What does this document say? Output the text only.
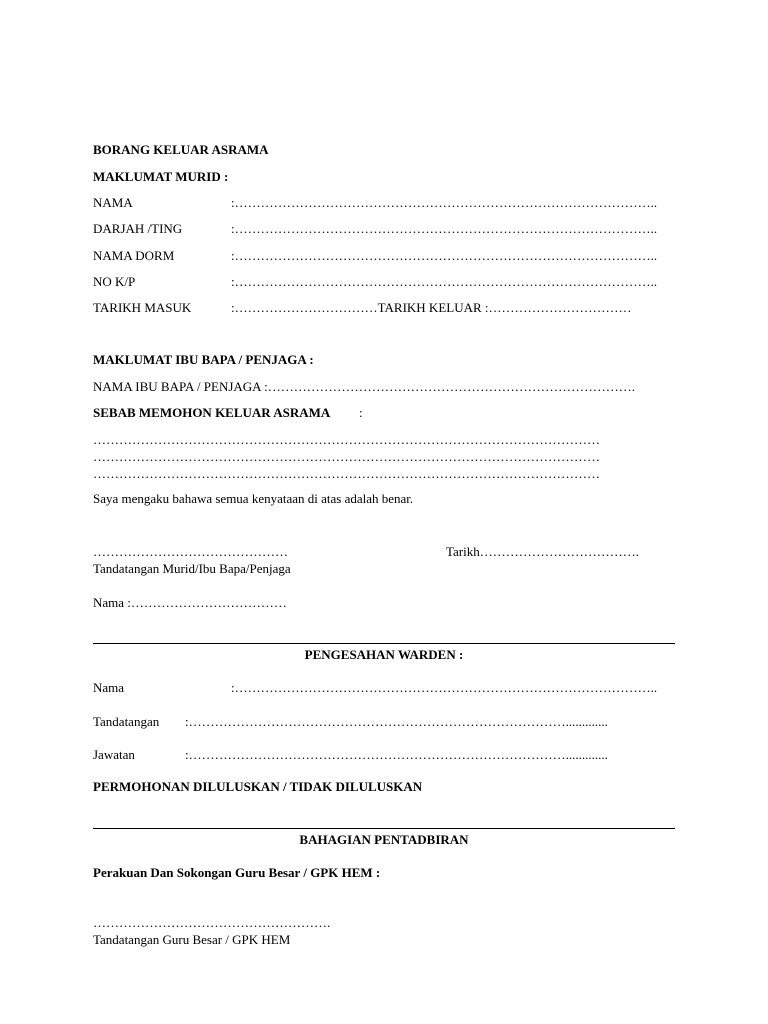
BORANG KELUAR ASRAMA
MAKLUMAT MURID :
NAMA	:……………………………………………………………………………………..
DARJAH /TING	:……………………………………………………………………………………..
NAMA DORM	:……………………………………………………………………………………..
NO K/P	:……………………………………………………………………………………..
TARIKH MASUK	:……………………………TARIKH KELUAR :……………………………
MAKLUMAT IBU BAPA / PENJAGA :
NAMA IBU BAPA / PENJAGA :………………………………………………………………………….
SEBAB MEMOHON KELUAR ASRAMA :
………………………………………………………………………………………………………
………………………………………………………………………………………………………
………………………………………………………………………………………………………
Saya mengaku bahawa semua kenyataan di atas adalah benar.
………………………………………	Tarikh……………………………….
Tandatangan Murid/Ibu Bapa/Penjaga
Nama :………………………………
PENGESAHAN WARDEN :
Nama	:……………………………………………………………………………………..
Tandatangan :…………………………………………………………………………….............
Jawatan	:…………………………………………………………………………….............
PERMOHONAN DILULUSKAN / TIDAK DILULUSKAN
BAHAGIAN PENTADBIRAN
Perakuan Dan Sokongan Guru Besar / GPK HEM :
……………………………………………….
Tandatangan Guru Besar / GPK HEM
